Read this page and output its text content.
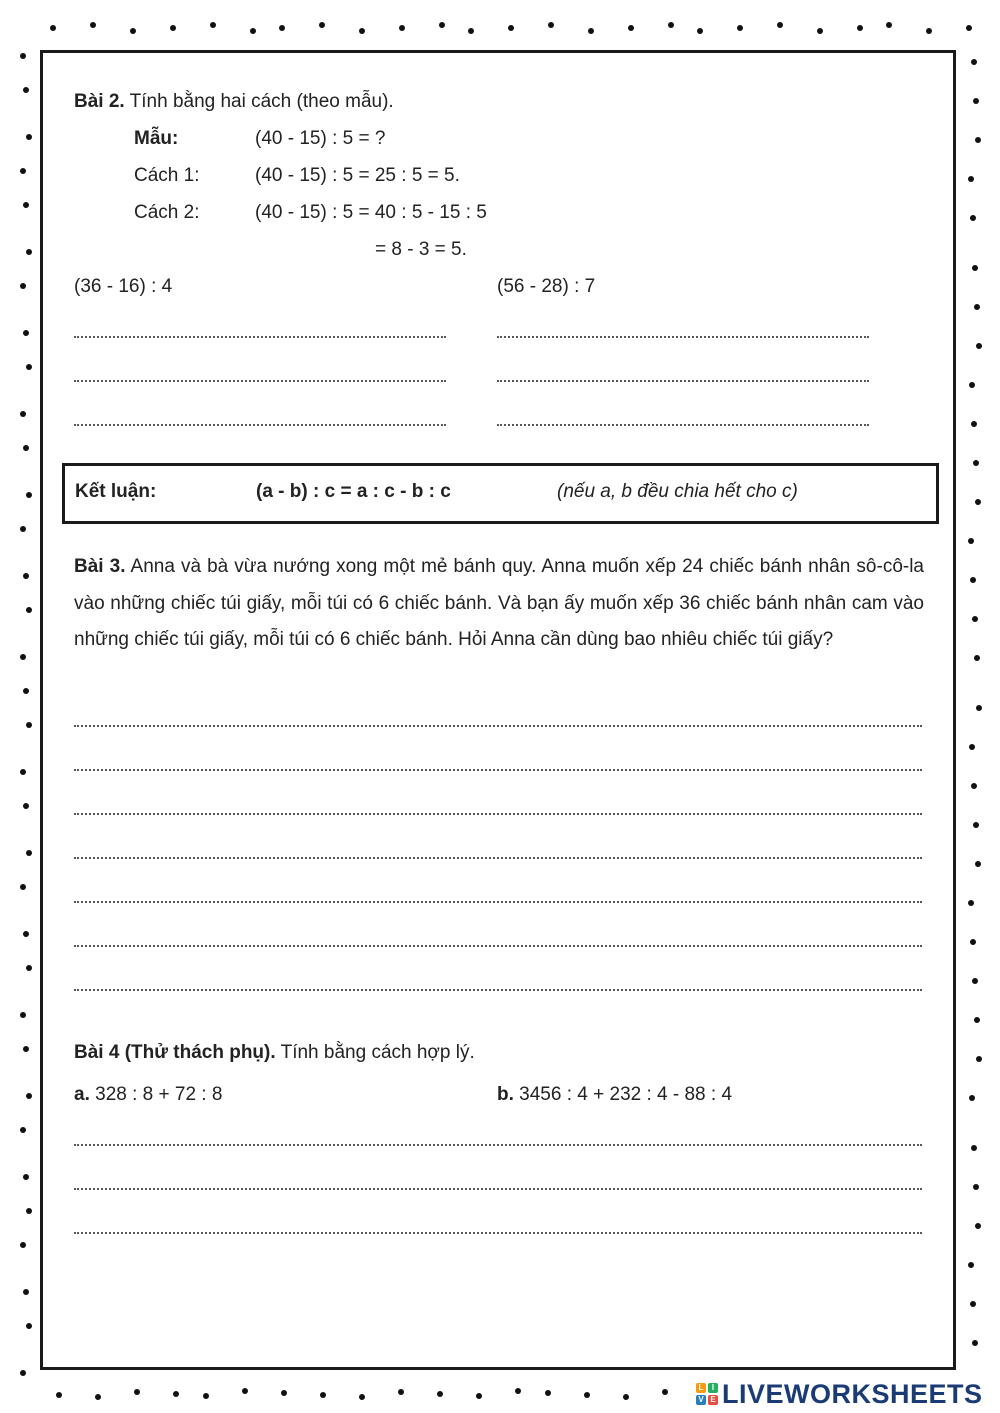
Bài 2. Tính bằng hai cách (theo mẫu).
Mẫu:	(40 - 15) : 5 = ?
Cách 1:	(40 - 15) : 5 = 25 : 5 = 5.
Cách 2:	(40 - 15) : 5 = 40 : 5 - 15 : 5
= 8 - 3 = 5.
(36 - 16) : 4	(56 - 28) : 7
Kết luận:	(a - b) : c = a : c - b : c	(nếu a, b đều chia hết cho c)
Bài 3. Anna và bà vừa nướng xong một mẻ bánh quy. Anna muốn xếp 24 chiếc bánh nhân sô-cô-la vào những chiếc túi giấy, mỗi túi có 6 chiếc bánh. Và bạn ấy muốn xếp 36 chiếc bánh nhân cam vào những chiếc túi giấy, mỗi túi có 6 chiếc bánh. Hỏi Anna cần dùng bao nhiêu chiếc túi giấy?
Bài 4 (Thử thách phụ). Tính bằng cách hợp lý.
a. 328 : 8 + 72 : 8	b. 3456 : 4 + 232 : 4 - 88 : 4
L	I
V E LIVEWORKSHEETS
